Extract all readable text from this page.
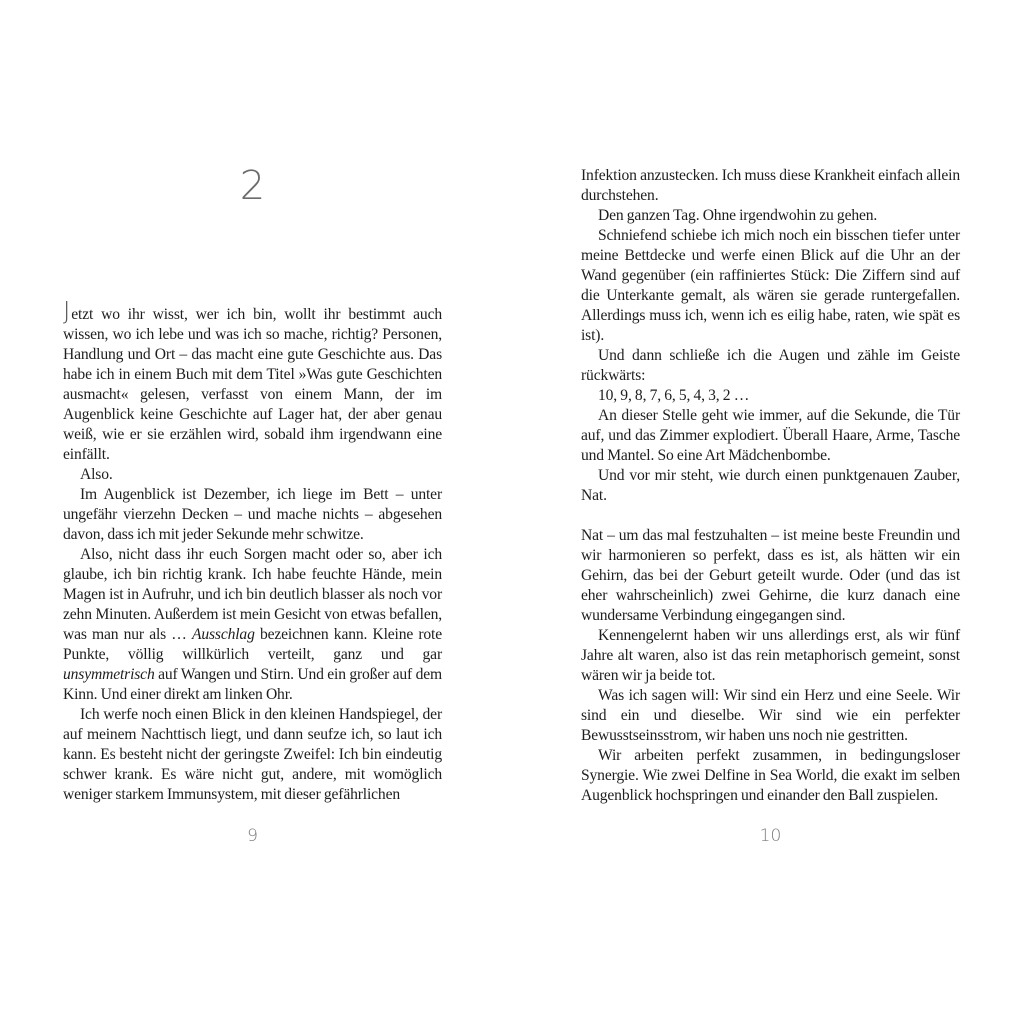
2

Jetzt wo ihr wisst, wer ich bin, wollt ihr bestimmt auch wissen, wo ich lebe und was ich so mache, richtig? Personen, Handlung und Ort – das macht eine gute Geschichte aus. Das habe ich in einem Buch mit dem Titel »Was gute Geschichten ausmacht« gelesen, verfasst von einem Mann, der im Augenblick keine Geschichte auf Lager hat, der aber genau weiß, wie er sie erzählen wird, sobald ihm irgendwann eine einfällt.

Also.

Im Augenblick ist Dezember, ich liege im Bett – unter ungefähr vierzehn Decken – und mache nichts – abgesehen davon, dass ich mit jeder Sekunde mehr schwitze.

Also, nicht dass ihr euch Sorgen macht oder so, aber ich glaube, ich bin richtig krank. Ich habe feuchte Hände, mein Magen ist in Aufruhr, und ich bin deutlich blasser als noch vor zehn Minuten. Außerdem ist mein Gesicht von etwas befallen, was man nur als … Ausschlag bezeichnen kann. Kleine rote Punkte, völlig willkürlich verteilt, ganz und gar unsymmetrisch auf Wangen und Stirn. Und ein großer auf dem Kinn. Und einer direkt am linken Ohr.

Ich werfe noch einen Blick in den kleinen Handspiegel, der auf meinem Nachttisch liegt, und dann seufze ich, so laut ich kann. Es besteht nicht der geringste Zweifel: Ich bin eindeutig schwer krank. Es wäre nicht gut, andere, mit womöglich weniger starkem Immunsystem, mit dieser gefährlichen

9

Infektion anzustecken. Ich muss diese Krankheit einfach allein durchstehen.

Den ganzen Tag. Ohne irgendwohin zu gehen.

Schniefend schiebe ich mich noch ein bisschen tiefer unter meine Bettdecke und werfe einen Blick auf die Uhr an der Wand gegenüber (ein raffiniertes Stück: Die Ziffern sind auf die Unterkante gemalt, als wären sie gerade runtergefallen. Allerdings muss ich, wenn ich es eilig habe, raten, wie spät es ist).

Und dann schließe ich die Augen und zähle im Geiste rückwärts:

10, 9, 8, 7, 6, 5, 4, 3, 2 …

An dieser Stelle geht wie immer, auf die Sekunde, die Tür auf, und das Zimmer explodiert. Überall Haare, Arme, Tasche und Mantel. So eine Art Mädchenbombe.

Und vor mir steht, wie durch einen punktgenauen Zauber, Nat.

Nat – um das mal festzuhalten – ist meine beste Freundin und wir harmonieren so perfekt, dass es ist, als hätten wir ein Gehirn, das bei der Geburt geteilt wurde. Oder (und das ist eher wahrscheinlich) zwei Gehirne, die kurz danach eine wundersame Verbindung eingegangen sind.

Kennengelernt haben wir uns allerdings erst, als wir fünf Jahre alt waren, also ist das rein metaphorisch gemeint, sonst wären wir ja beide tot.

Was ich sagen will: Wir sind ein Herz und eine Seele. Wir sind ein und dieselbe. Wir sind wie ein perfekter Bewusstseinsstrom, wir haben uns noch nie gestritten.

Wir arbeiten perfekt zusammen, in bedingungsloser Synergie. Wie zwei Delfine in Sea World, die exakt im selben Augenblick hochspringen und einander den Ball zuspielen.

10
